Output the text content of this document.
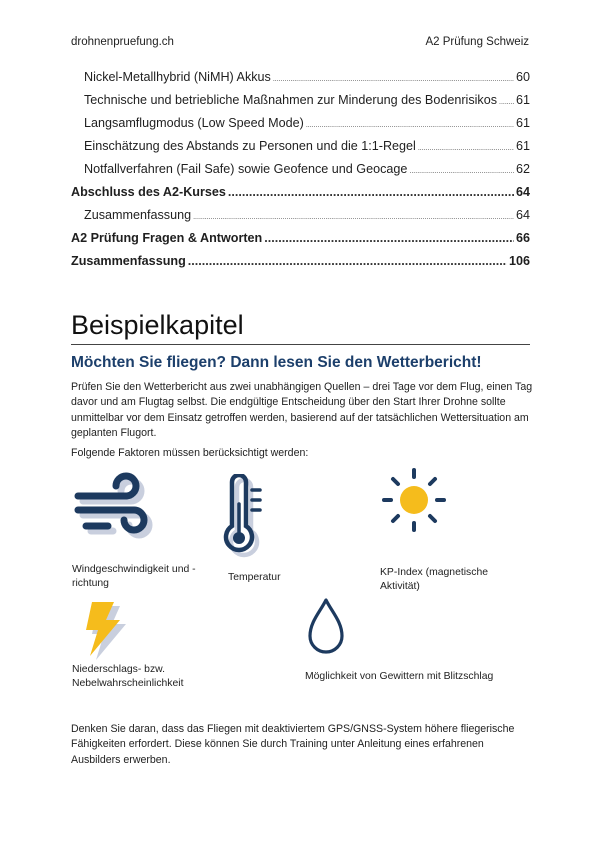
drohnenpruefung.ch	A2 Prüfung Schweiz
Nickel-Metallhybrid (NiMH) Akkus .....	60
Technische und betriebliche Maßnahmen zur Minderung des Bodenrisikos ..... 61
Langsamflugmodus (Low Speed Mode) .....	61
Einschätzung des Abstands zu Personen und die 1:1-Regel .....	61
Notfallverfahren (Fail Safe) sowie Geofence und Geocage .....	62
Abschluss des A2-Kurses .....	64
Zusammenfassung .....	64
A2 Prüfung Fragen & Antworten .....	66
Zusammenfassung .....	106
Beispielkapitel
Möchten Sie fliegen? Dann lesen Sie den Wetterbericht!

Prüfen Sie den Wetterbericht aus zwei unabhängigen Quellen – drei Tage vor dem Flug, einen Tag davor und am Flugtag selbst. Die endgültige Entscheidung über den Start Ihrer Drohne sollte unmittelbar vor dem Einsatz getroffen werden, basierend auf der tatsächlichen Wettersituation am geplanten Flugort.

Folgende Faktoren müssen berücksichtigt werden:

Windgeschwindigkeit und -richtung
Temperatur	KP-Index (magnetische Aktivität)
Niederschlags- bzw. Nebelwahrscheinlichkeit
Möglichkeit von Gewittern mit Blitzschlag

Denken Sie daran, dass das Fliegen mit deaktiviertem GPS/GNSS-System höhere fliegerische Fähigkeiten erfordert. Diese können Sie durch Training unter Anleitung eines erfahrenen Ausbilders erwerben.
